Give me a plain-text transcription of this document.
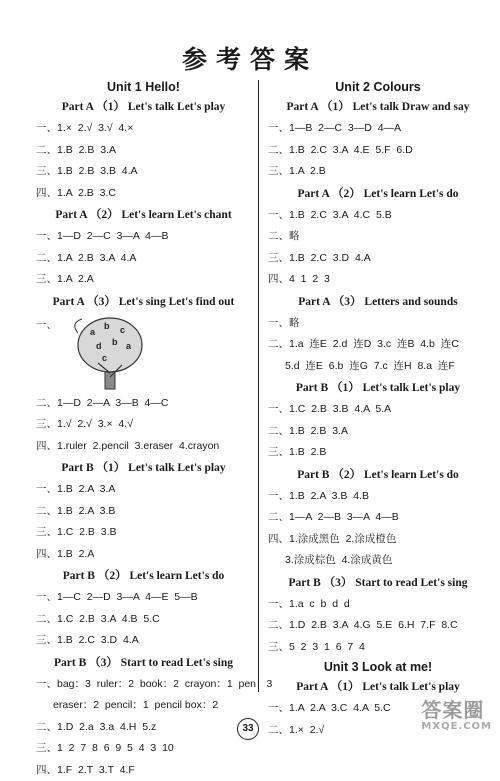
参考答案
Unit 1 Hello!
Part A （1） Let's talk Let's play
一、1.×  2.√  3.√  4.×
二、1.B  2.B  3.A
三、1.B  2.B  3.B  4.A
四、1.A  2.B  3.C
Part A （2） Let's learn Let's chant
一、1—D  2—C  3—A  4—B
二、1.A  2.B  3.A  4.A
三、1.A  2.A
Part A （3） Let's sing Let's find out
一、
a
b c
d b a
c
二、1—D  2—A  3—B  4—C
三、1.√  2.√  3.×  4.√
四、1.ruler  2.pencil  3.eraser  4.crayon
Part B （1） Let's talk Let's play
一、1.B  2.A  3.A
二、1.B  2.A  3.B
三、1.C  2.B  3.B
四、1.B  2.A
Part B （2） Let's learn Let's do
一、1—C  2—D  3—A  4—E  5—B
二、1.C  2.B  3.A  4.B  5.C
三、1.B  2.C  3.D  4.A
Part B （3） Start to read Let's sing
一、bag：3  ruler：2  book：2  crayon：1  pen：3
eraser：2  pencil：1  pencil box：2
二、1.D  2.a  3.a  4.H  5.z
三、1  2  7  8  6  9  5  4  3  10
四、1.F  2.T  3.T  4.F
Unit 2 Colours
Part A （1） Let's talk Draw and say
一、1—B  2—C  3—D  4—A
二、1.B  2.C  3.A  4.E  5.F  6.D
三、1.A  2.B
Part A （2） Let's learn Let's do
一、1.B  2.C  3.A  4.C  5.B
二、略
三、1.B  2.C  3.D  4.A
四、4  1  2  3
Part A （3） Letters and sounds
一、略
二、1.a  连E  2.d  连D  3.c  连B  4.b  连C
5.d  连E  6.b  连G  7.c  连H  8.a  连F
Part B （1） Let's talk Let's play
一、1.C  2.B  3.B  4.A  5.A
二、1.B  2.B  3.A
三、1.B  2.B
Part B （2） Let's learn Let's do
一、1.B  2.A  3.B  4.B
二、1—A  2—B  3—A  4—B
四、1.涂成黑色  2.涂成橙色
3.涂成棕色  4.涂成黄色
Part B （3） Start to read Let's sing
一、1.a  c  b  d  d
二、1.D  2.B  3.A  4.G  5.E  6.H  7.F  8.C
三、5  2  3  1  6  7  4
Unit 3 Look at me!
Part A （1） Let's talk Let's play
一、1.A  2.A  3.C  4.A  5.C
二、1.×  2.√
33
答案圈
MXQE.COM
